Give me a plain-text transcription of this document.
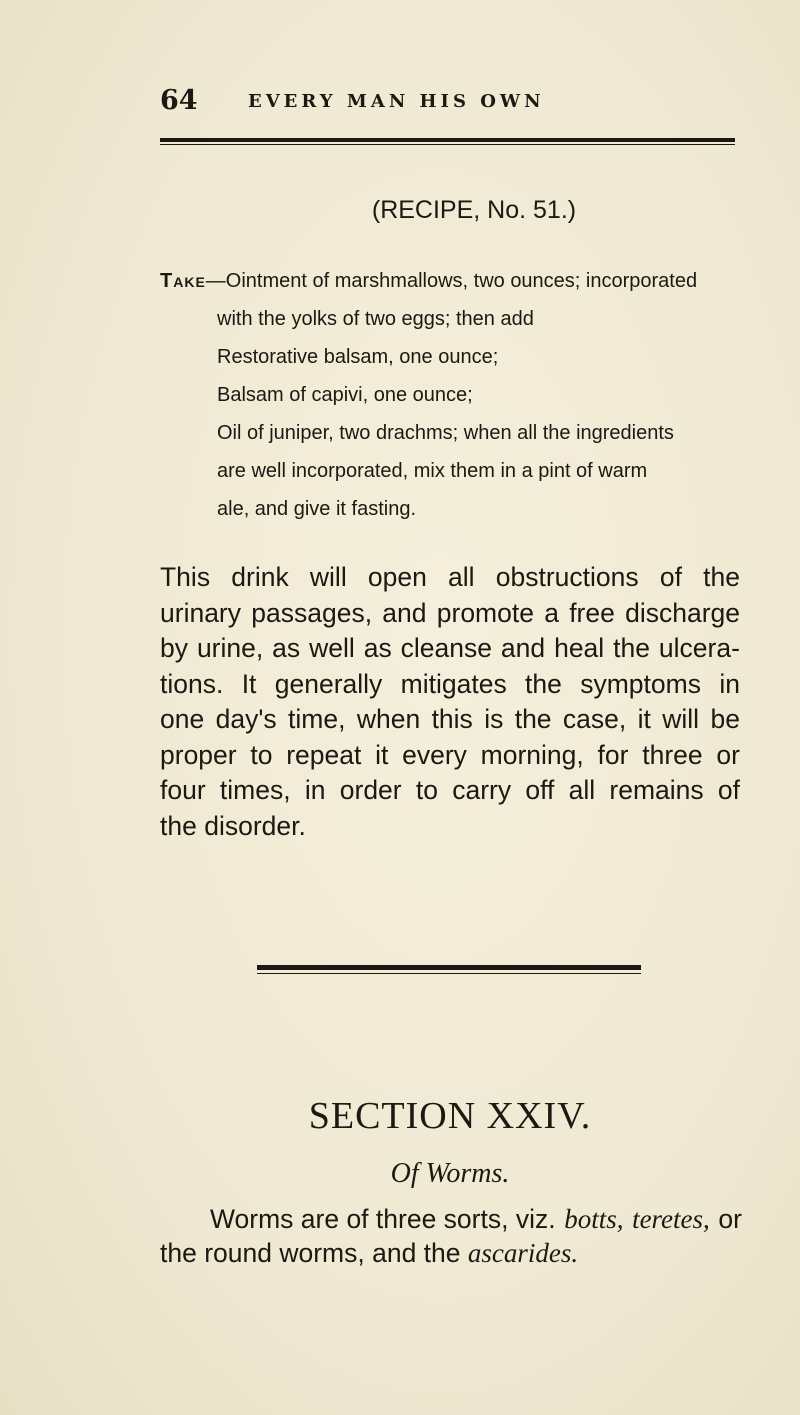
64	EVERY MAN HIS OWN
(RECIPE, No. 51.)
Take—Ointment of marshmallows, two ounces; incorporated
with the yolks of two eggs; then add
Restorative balsam, one ounce;
Balsam of capivi, one ounce;
Oil of juniper, two drachms; when all the ingredients
are well incorporated, mix them in a pint of warm
ale, and give it fasting.
This drink will open all obstructions of the
urinary passages, and promote a free discharge
by urine, as well as cleanse and heal the ulcera-
tions. It generally mitigates the symptoms in
one day's time, when this is the case, it will be
proper to repeat it every morning, for three or
four times, in order to carry off all remains of
the disorder.
SECTION XXIV.
Of Worms.
Worms are of three sorts, viz. botts, teretes, or
the round worms, and the ascarides.
